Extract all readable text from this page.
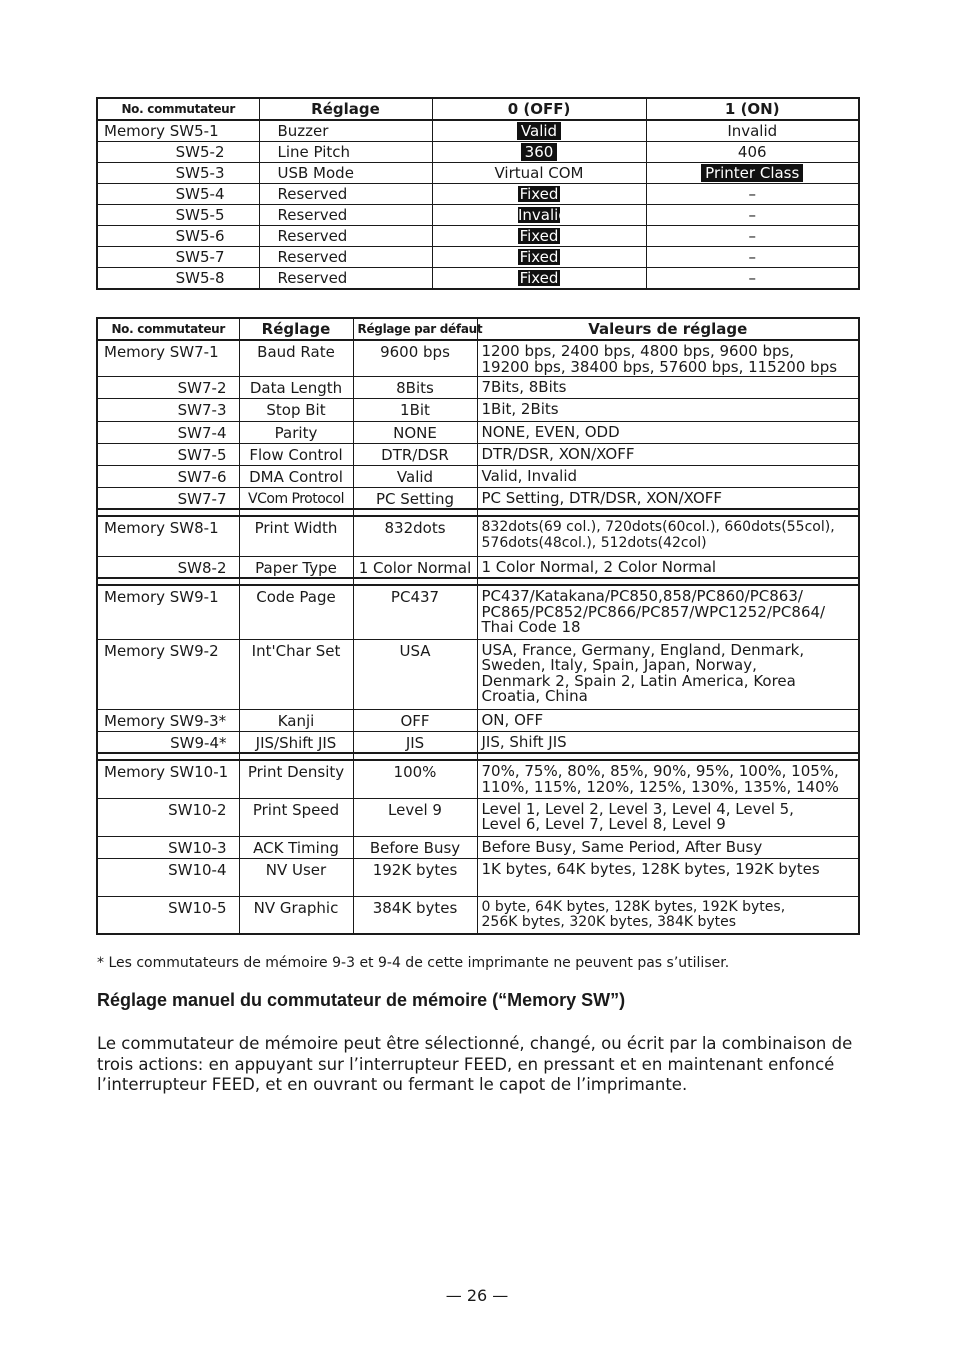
No. commutateur	Réglage	0 (OFF)	1 (ON)
Memory SW5-1	Buzzer	Valid	Invalid
SW5-2	Line Pitch	360	406
SW5-3	USB Mode	Virtual COM	Printer Class
SW5-4	Reserved	Fixed	–
SW5-5	Reserved	Invalid	–
SW5-6	Reserved	Fixed	–
SW5-7	Reserved	Fixed	–
SW5-8	Reserved	Fixed	–
No. commutateur	Réglage	Réglage par défaut	Valeurs de réglage
Memory SW7-1	Baud Rate	9600 bps	1200 bps, 2400 bps, 4800 bps, 9600 bps,
19200 bps, 38400 bps, 57600 bps, 115200 bps

SW7-2	Data Length	8Bits	7Bits, 8Bits

SW7-3	Stop Bit	1Bit	1Bit, 2Bits

SW7-4	Parity	NONE	NONE, EVEN, ODD

SW7-5	Flow Control	DTR/DSR	DTR/DSR, XON/XOFF

SW7-6	DMA Control	Valid	Valid, Invalid

SW7-7	VCom Protocol	PC Setting	PC Setting, DTR/DSR, XON/XOFF

Memory SW8-1	Print Width	832dots	832dots(69 col.), 720dots(60col.), 660dots(55col),
576dots(48col.), 512dots(42col)

SW8-2	Paper Type	1 Color Normal	1 Color Normal, 2 Color Normal

Memory SW9-1	Code Page	PC437	PC437/Katakana/PC850,858/PC860/PC863/
PC865/PC852/PC866/PC857/WPC1252/PC864/
Thai Code 18

Memory SW9-2	Int'Char Set	USA	USA, France, Germany, England, Denmark,
Sweden, Italy, Spain, Japan, Norway,
Denmark 2, Spain 2, Latin America, Korea
Croatia, China

Memory SW9-3*	Kanji	OFF	ON, OFF

SW9-4*	JIS/Shift JIS	JIS	JIS, Shift JIS

Memory SW10-1	Print Density	100%	70%, 75%, 80%, 85%, 90%, 95%, 100%, 105%,
110%, 115%, 120%, 125%, 130%, 135%, 140%

SW10-2	Print Speed	Level 9	Level 1, Level 2, Level 3, Level 4, Level 5,
Level 6, Level 7, Level 8, Level 9

SW10-3	ACK Timing	Before Busy	Before Busy, Same Period, After Busy

SW10-4	NV User	192K bytes	1K bytes, 64K bytes, 128K bytes, 192K bytes

SW10-5	NV Graphic	384K bytes	0 byte, 64K bytes, 128K bytes, 192K bytes,
256K bytes, 320K bytes, 384K bytes
* Les commutateurs de mémoire 9-3 et 9-4 de cette imprimante ne peuvent pas s’utiliser.
Réglage manuel du commutateur de mémoire (“Memory SW”)
Le commutateur de mémoire peut être sélectionné, changé, ou écrit par la combinaison de trois actions: en appuyant sur l’interrupteur FEED, en pressant et en maintenant enfoncé l’interrupteur FEED, et en ouvrant ou fermant le capot de l’imprimante.
— 26 —
